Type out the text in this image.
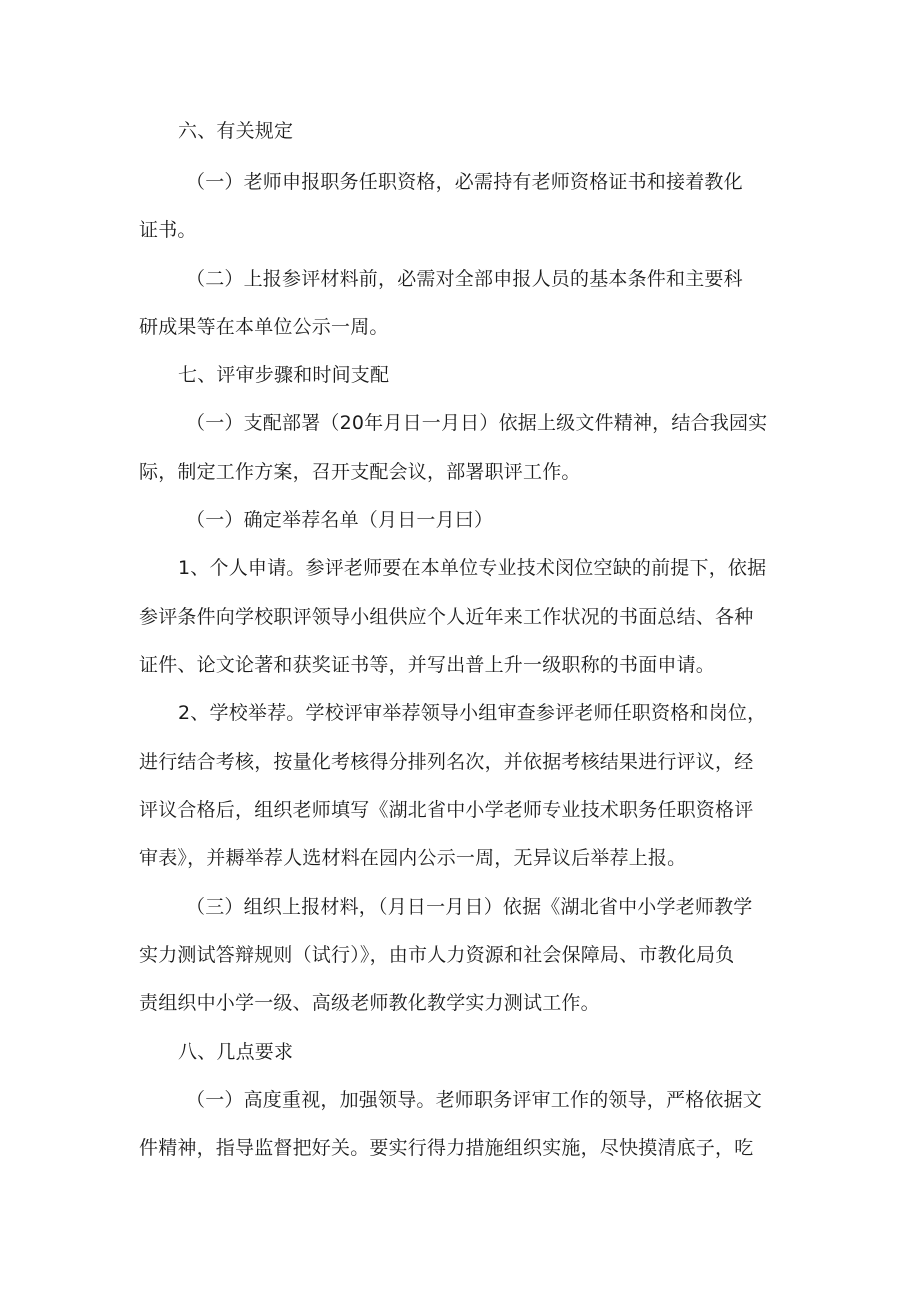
六、有关规定

（一）老师申报职务任职资格，必需持有老师资格证书和接着教化

证书。

（二）上报参评材料前，必需对全部申报人员的基本条件和主要科

研成果等在本单位公示一周。

七、评审步骤和时间支配

（一）支配部署（20年月日一月日）依据上级文件精神，结合我园实

际，制定工作方案，召开支配会议，部署职评工作。

（一）确定举荐名单（月日一月曰）

1、个人申请。参评老师要在本单位专业技术闵位空缺的前提下，依据

参评条件向学校职评领导小组供应个人近年来工作状况的书面总结、各种

证件、论文论著和获奖证书等，并写出普上升一级职称的书面申请。

2、学校举荐。学校评审举荐领导小组审查参评老师任职资格和岗位，

进行结合考核，按量化考核得分排列名次，并依据考核结果进行评议，经

评议合格后，组织老师填写《湖北省中小学老师专业技术职务任职资格评

审表》，并耨举荐人选材料在园内公示一周，无异议后举荐上报。

（三）组织上报材料，（月日一月日）依据《湖北省中小学老师教学

实力测试答辩规则（试行）》，由市人力资源和社会保障局、市教化局负

责组织中小学一级、高级老师教化教学实力测试工作。

八、几点要求

（一）高度重视，加强领导。老师职务评审工作的领导，严格依据文

件精神，指导监督把好关。要实行得力措施组织实施，尽快摸清底子，吃
